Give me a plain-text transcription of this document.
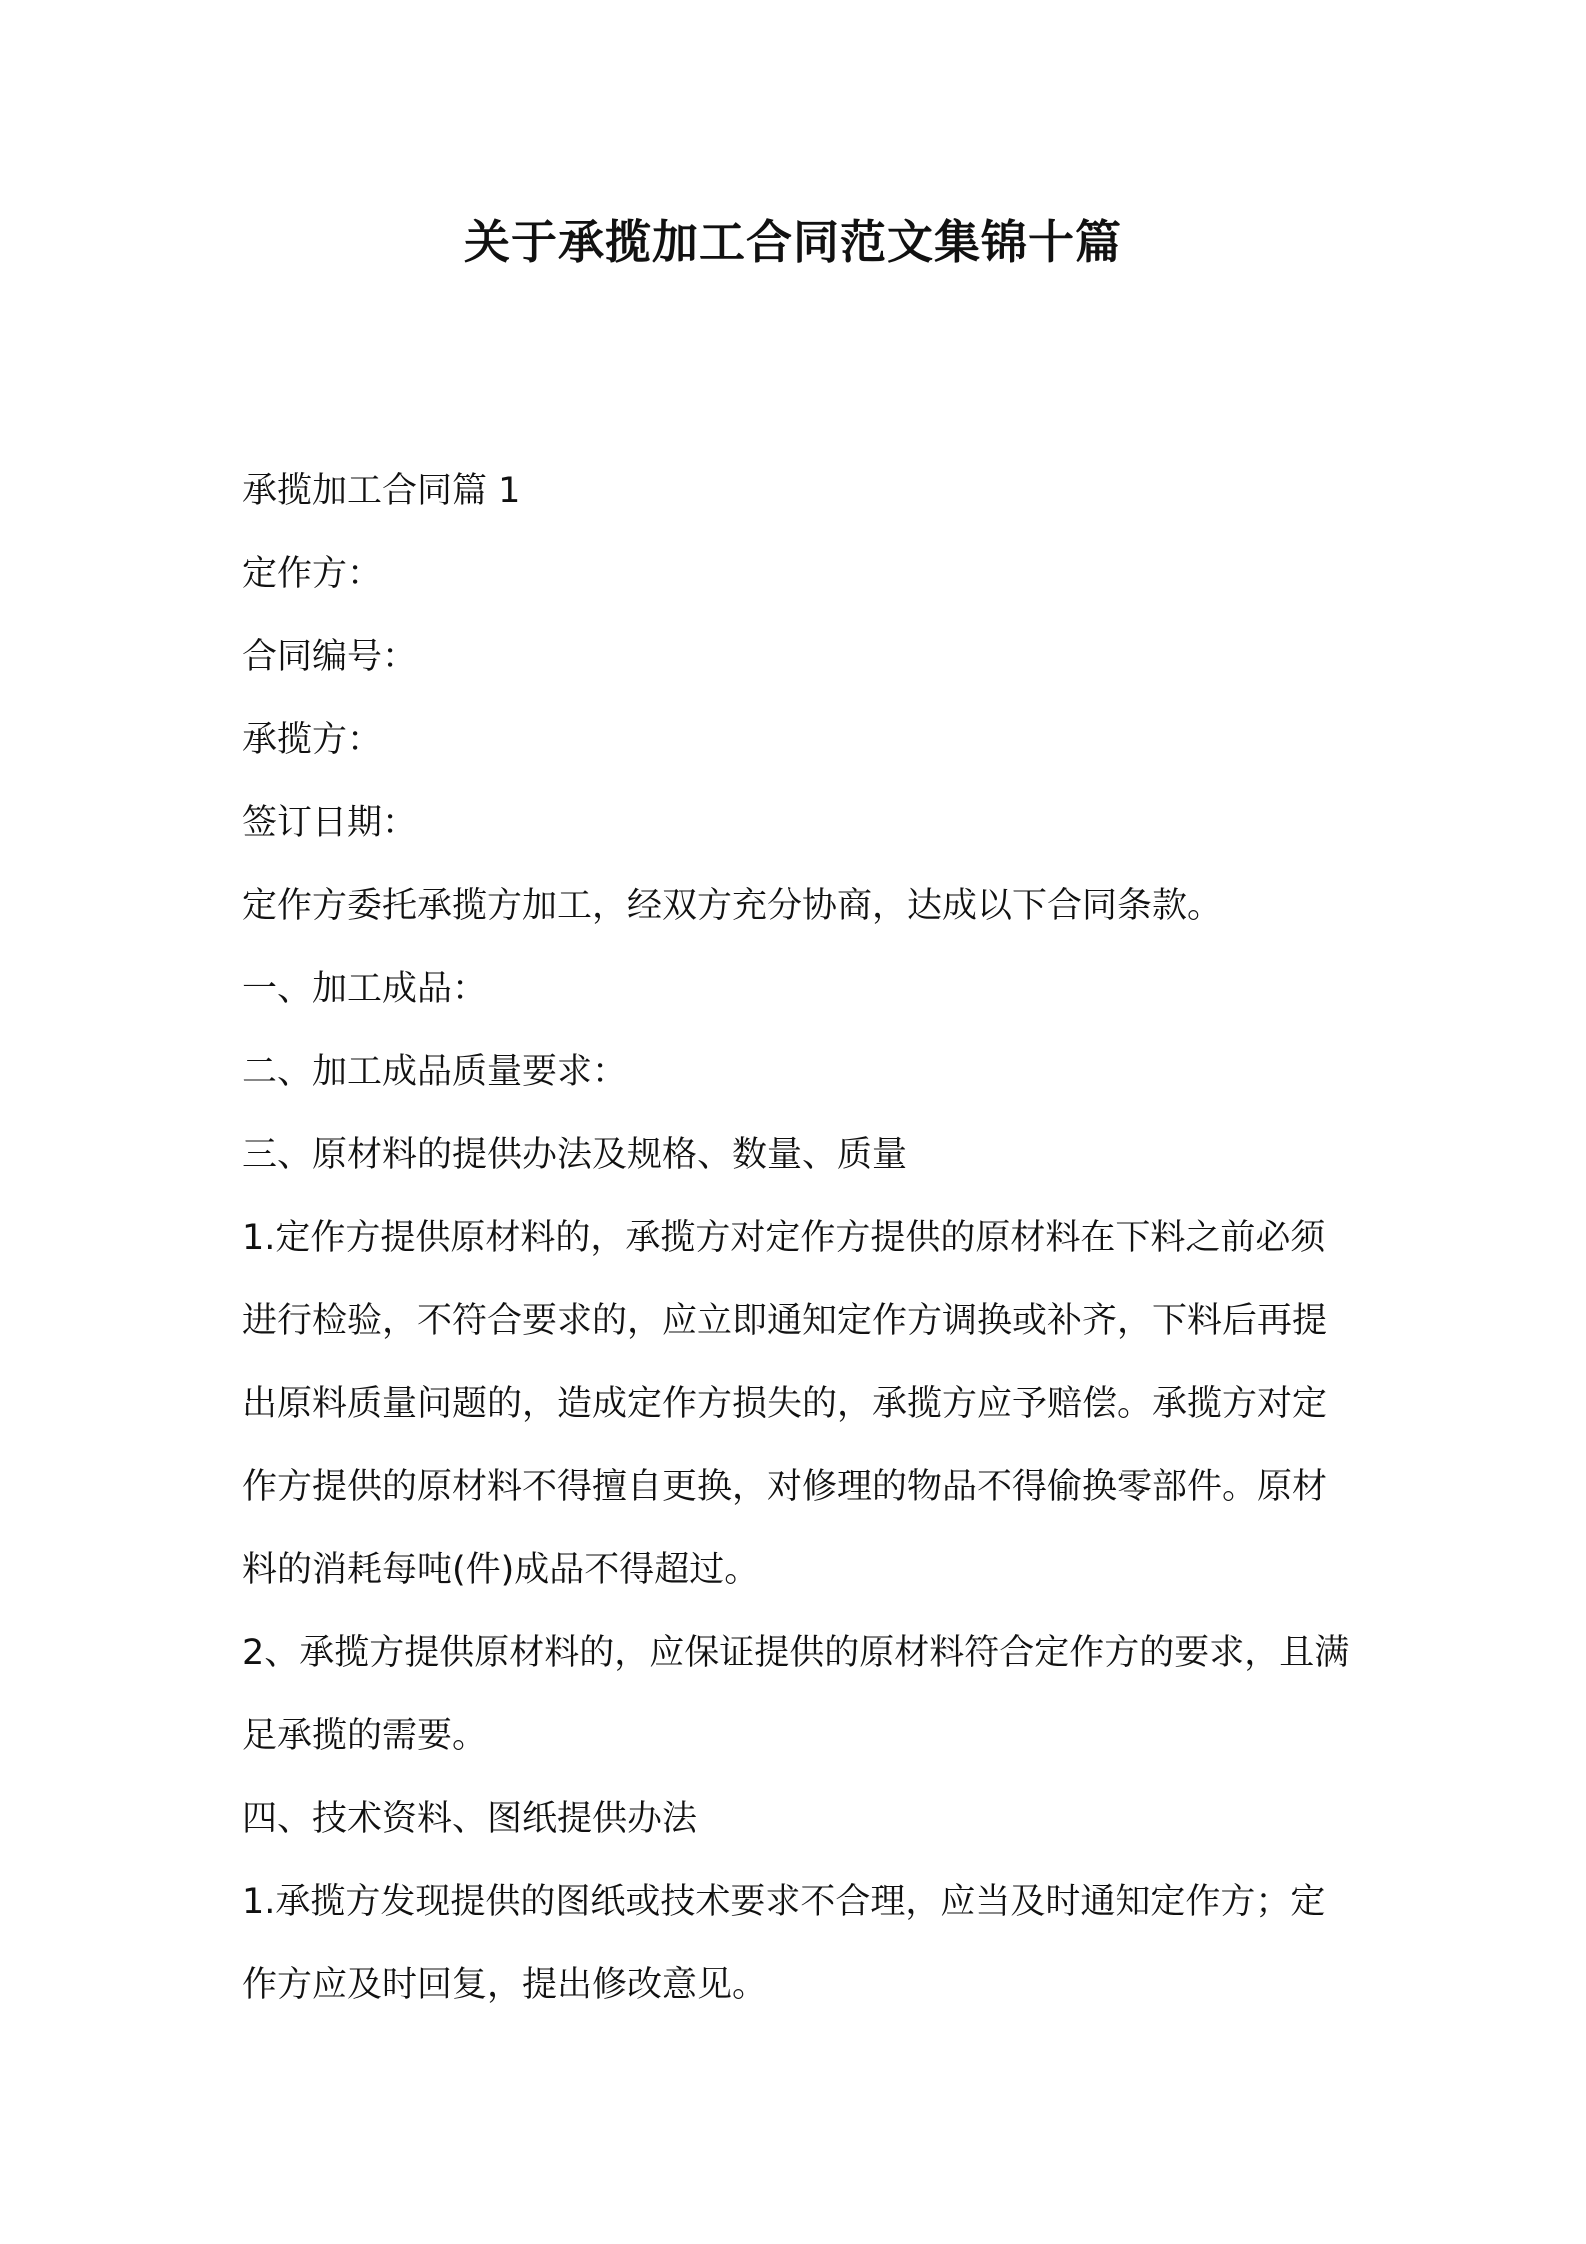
关于承揽加工合同范文集锦十篇

承揽加工合同篇 1

定作方：

合同编号：

承揽方：

签订日期：

定作方委托承揽方加工，经双方充分协商，达成以下合同条款。

一、加工成品：

二、加工成品质量要求：

三、原材料的提供办法及规格、数量、质量

1.定作方提供原材料的，承揽方对定作方提供的原材料在下料之前必须进行检验，不符合要求的，应立即通知定作方调换或补齐，下料后再提出原料质量问题的，造成定作方损失的，承揽方应予赔偿。承揽方对定作方提供的原材料不得擅自更换，对修理的物品不得偷换零部件。原材料的消耗每吨(件)成品不得超过。

2、承揽方提供原材料的，应保证提供的原材料符合定作方的要求，且满足承揽的需要。

四、技术资料、图纸提供办法

1.承揽方发现提供的图纸或技术要求不合理，应当及时通知定作方；定作方应及时回复，提出修改意见。
